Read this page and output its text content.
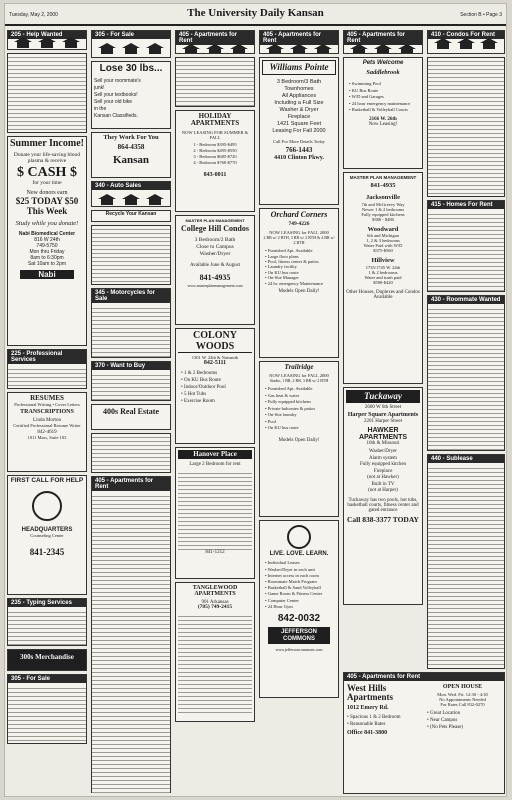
Tuesday, May 2, 2000	The University Daily Kansan	Section B • Page 3
205 - Help Wanted
Summer Income!
Donate your life-saving blood plasma & receive
$ CASH $
for your time
New donors earn
$25 TODAY $50 This Week
Study while you donate!
Nabi Biomedical Center
816 W 24th
749-5750
Mon thru Friday
8am to 6:30pm
Sat 10am to 2pm
Nabi
225 - Professional Services
RESUMES
Professional Writing • Cover Letters
TRANSCRIPTIONS
Linda Morton
Certified Professional Resume Writer
842-4619
1011 Mass, Suite 103
FIRST CALL FOR HELP
HEADQUARTERS
Counseling Center
841-2345
235 - Typing Services
300s Merchandise
305 - For Sale
305 - For Sale
Lose 30 lbs...
Sell your roommate's
junk!
Sell your textbooks!
Sell your old bike
in the
Kansan Classifieds.
They Work For You
864-4358
Kansan
340 - Auto Sales
Recycle Your Kansan
345 - Motorcycles for Sale
370 - Want to Buy
400s Real Estate
405 - Apartments for Rent
405 - Apartments for Rent
HOLIDAY APARTMENTS
NOW LEASING FOR SUMMER & FALL
1 - Bedroom $395-$495
2 - Bedroom $495-$550
3 - Bedroom $685-$720
4 - Bedroom $760-$770
843-0011
MASTER PLAN MANAGEMENT
College Hill Condos
3 Bedroom/2 Bath
Close to Campus
Washer/Dryer
Available June & August
841-4935
www.masterplanmanagement.com
COLONY WOODS
1301 W. 24th & Naismith
842-5111
• 1 & 2 Bedrooms
• On KU Bus Route
• Indoor/Outdoor Pool
• 5 Hot Tubs
• Exercise Room
Hanover Place
Large 2 Bedroom for rent
841-1212
TANGLEWOOD APARTMENTS
901 Arkansas
(785) 749-2415
405 - Apartments for Rent
Williams Pointe
3 Bedroom/3 Bath
Townhomes
All Appliances
Including a Full Size
Washer & Dryer
Fireplace
1421 Square Feet
Leasing For Fall 2000
Call For More Details Today
766-1443
4410 Clinton Pkwy.
Orchard Corners
749-4226
NOW LEASING for FALL 2000
2 BR w/ 2 BTH, 3 BR w/ 2 BTH & 4 BR w/ 2 BTH
• Furnished Apt. Available
• Large floor plans
• Pool, fitness center & patios
• Laundry facility
• On KU bus route
• On-Site Manager
• 24 hr. emergency Maintenance
Models Open Daily!
Trailridge
NOW LEASING for FALL 2000
Studio, 1 BR, 2 BR, 3 BR w/ 2 BTH
• Furnished Apt. Available
• Gas heat & water
• Fully equipped kitchens
• Private balconies & patios
• On-Site laundry
• Pool
• On KU bus route
Models Open Daily!
LIVE. LOVE. LEARN.
• Individual Leases
• Washer/Dryer in each unit
• Internet access in each room
• Roommate Match Program
• Basketball & Sand Volleyball
• Game Room & Fitness Center
• Computer Center
• 24 Hour Gym
842-0032
JEFFERSON COMMONS
www.jeffersoncommons.com
405 - Apartments for Rent
Pets Welcome
Saddlebrook
• Swimming Pool
• KU Bus Route
• W/D and Garages
• 24 hour emergency maintenance
• Basketball & Volleyball Courts
2166 W. 26th
Now Leasing!
MASTER PLAN MANAGEMENT
841-4935
Jacksonville
7th and McGreevy Way
Newer 1 & 2 bedrooms
Fully equipped kitchens
$380 - $480
Woodward
6th and Michigan
1, 2 & 3 bedrooms
Water Paid with W/D
$375-$560
Hillview
1735/1745 W. 24th
1 & 2 bedrooms
Water and trash paid
$500-$420
Other Houses, Duplexes and Condos Available
Tuckaway
2600 W 6th Street
Harper Square Apartments
2201 Harper Street
HAWKER APARTMENTS
10th & Missouri
Washer/Dryer
Alarm system
Fully equipped kitchen
Fireplace
(not at Hawker)
Built in TV
(not at Harper)
Tuckaway has two pools, hot tubs, basketball courts, fitness center and gated entrance
Call 838-3377 TODAY
410 - Condos For Rent
415 - Homes For Rent
430 - Roommate Wanted
440 - Sublease
405 - Apartments for Rent
West Hills Apartments
1012 Emery Rd.
• Spacious 1 & 2 Bedroom
• Reasonable Rates
Office 841-3800
OPEN HOUSE
Mon. Wed. Fri. 12:30 - 4:30
No Appointments Needed
For Rates Call 832-0270
• Great Location
• Near Campus
• (No Pets Please)
